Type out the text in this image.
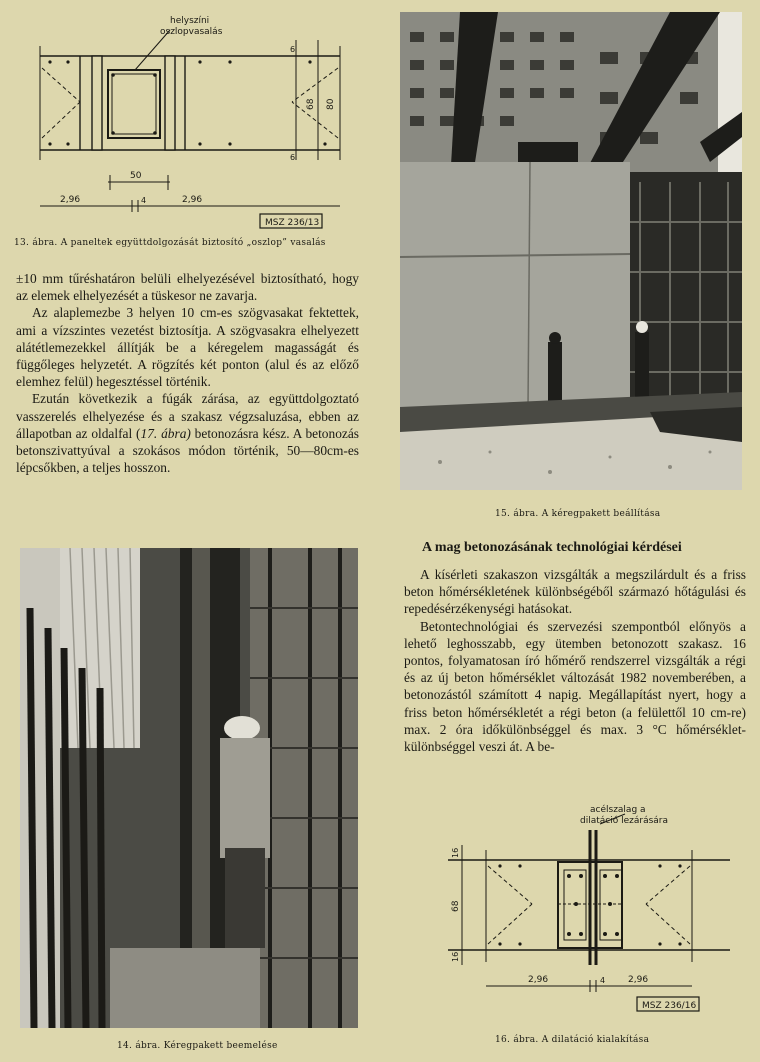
helyszíni
oszlopvasalás
6
68 80
6
50
2,96	4	2,96
MSZ 236/13
13. ábra. A paneltek együttdolgozását biztosító „oszlop” vasalás

±10 mm tűréshatáron belüli elhelyezésével biztosítható, hogy az elemek elhelyezését a tüskesor ne zavarja.

Az alaplemezbe 3 helyen 10 cm-es szögvasakat fektettek, ami a vízszintes vezetést biztosítja. A szögvasakra elhelyezett alátétlemezekkel állítják be a kéregelem magasságát és függőleges helyzetét. A rögzítés két ponton (alul és az előző elemhez felül) hegesztéssel történik.

Ezután következik a fúgák zárása, az együttdolgoztató vasszerelés elhelyezése és a szakasz végzsaluzása, ebben az állapotban az oldalfal (17. ábra) betonozásra kész. A betonozás betonszivattyúval a szokásos módon történik, 50—80cm-es lépcsőkben, a teljes hosszon.

15. ábra. A kéregpakett beállítása
14. ábra. Kéregpakett beemelése
A mag betonozásának technológiai kérdései

A kísérleti szakaszon vizsgálták a megszilárdult és a friss beton hőmérsékletének különbségéből származó hőtágulási és repedésérzékenységi hatásokat.

Betontechnológiai és szervezési szempontból előnyös a lehető leghosszabb, egy ütemben betonozott szakasz. 16 pontos, folyamatosan író hőmérő rendszerrel vizsgálták a régi és az új beton hőmérséklet változását 1982 novemberében, a betonozástól számított 4 napig. Megállapítást nyert, hogy a friss beton hőmérsékletét a régi beton (a felülettől 10 cm-re) max. 2 óra időkülönbséggel és max. 3 °C hőmérséklet-különbséggel veszi át. A be-

acélszalag a
dilatáció lezárására
16
68
16
2,96	4	2,96
MSZ 236/16
16. ábra. A dilatáció kialakítása
